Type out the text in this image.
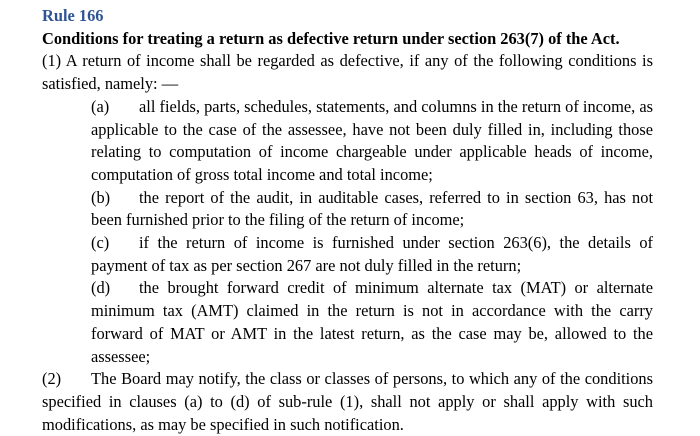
Rule 166

Conditions for treating a return as defective return under section 263(7) of the Act.

(1) A return of income shall be regarded as defective, if any of the following conditions is satisfied, namely: —

(a) all fields, parts, schedules, statements, and columns in the return of income, as applicable to the case of the assessee, have not been duly filled in, including those relating to computation of income chargeable under applicable heads of income, computation of gross total income and total income;

(b) the report of the audit, in auditable cases, referred to in section 63, has not been furnished prior to the filing of the return of income;

(c) if the return of income is furnished under section 263(6), the details of payment of tax as per section 267 are not duly filled in the return;

(d) the brought forward credit of minimum alternate tax (MAT) or alternate minimum tax (AMT) claimed in the return is not in accordance with the carry forward of MAT or AMT in the latest return, as the case may be, allowed to the assessee;

(2) The Board may notify, the class or classes of persons, to which any of the conditions specified in clauses (a) to (d) of sub-rule (1), shall not apply or shall apply with such modifications, as may be specified in such notification.
